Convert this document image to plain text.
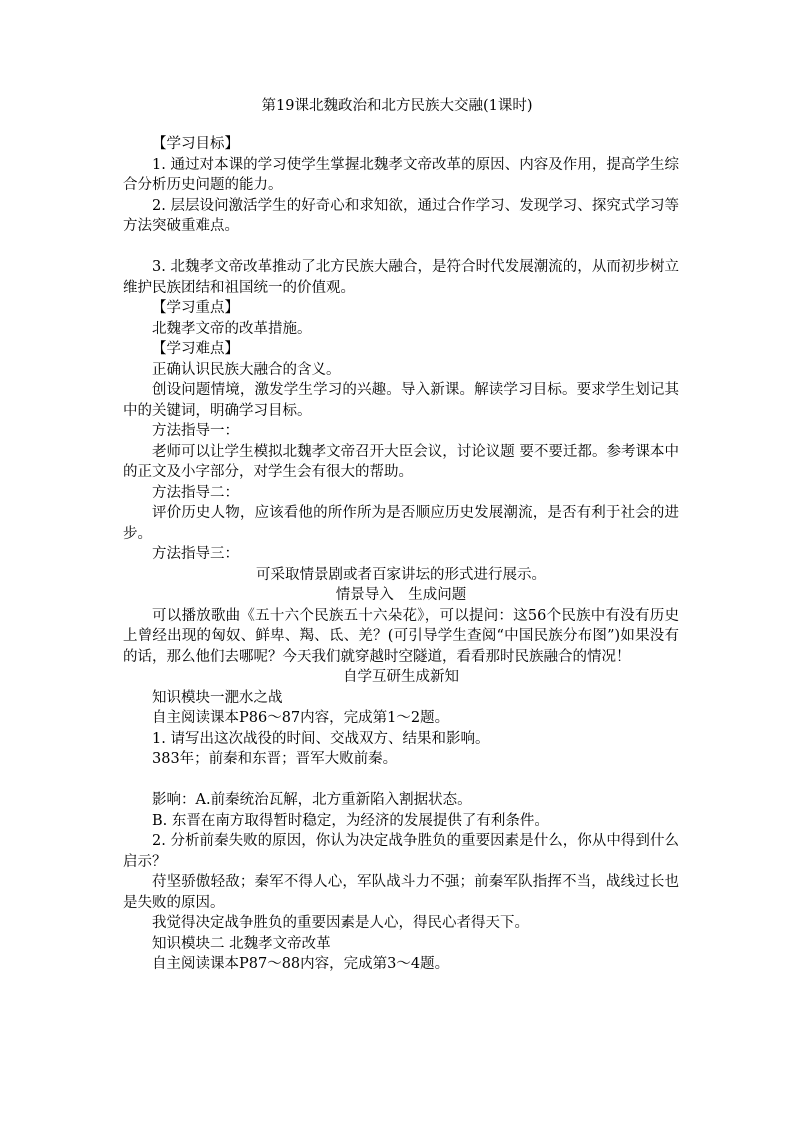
第19课北魏政治和北方民族大交融(1课时)

【学习目标】

1. 通过对本课的学习使学生掌握北魏孝文帝改革的原因、内容及作用，提高学生综合分析历史问题的能力。

2. 层层设问激活学生的好奇心和求知欲，通过合作学习、发现学习、探究式学习等方法突破重难点。

3. 北魏孝文帝改革推动了北方民族大融合，是符合时代发展潮流的，从而初步树立维护民族团结和祖国统一的价值观。

【学习重点】

北魏孝文帝的改革措施。

【学习难点】

正确认识民族大融合的含义。

创设问题情境，激发学生学习的兴趣。导入新课。解读学习目标。要求学生划记其中的关键词，明确学习目标。

方法指导一：

老师可以让学生模拟北魏孝文帝召开大臣会议，讨论议题 要不要迁都。参考课本中的正文及小字部分，对学生会有很大的帮助。

方法指导二：

评价历史人物，应该看他的所作所为是否顺应历史发展潮流，是否有利于社会的进步。

方法指导三：

可采取情景剧或者百家讲坛的形式进行展示。

情景导入　生成问题

可以播放歌曲《五十六个民族五十六朵花》，可以提问：这56个民族中有没有历史上曾经出现的匈奴、鲜卑、羯、氐、羌？(可引导学生查阅“中国民族分布图”)如果没有的话，那么他们去哪呢？今天我们就穿越时空隧道，看看那时民族融合的情况！

自学互研生成新知

知识模块一淝水之战

自主阅读课本P86～87内容，完成第1～2题。

1. 请写出这次战役的时间、交战双方、结果和影响。

383年；前秦和东晋；晋军大败前秦。

影响：A.前秦统治瓦解，北方重新陷入割据状态。

B. 东晋在南方取得暂时稳定，为经济的发展提供了有利条件。

2. 分析前秦失败的原因，你认为决定战争胜负的重要因素是什么，你从中得到什么启示？

苻坚骄傲轻敌；秦军不得人心，军队战斗力不强；前秦军队指挥不当，战线过长也是失败的原因。

我觉得决定战争胜负的重要因素是人心，得民心者得天下。

知识模块二 北魏孝文帝改革

自主阅读课本P87～88内容，完成第3～4题。
